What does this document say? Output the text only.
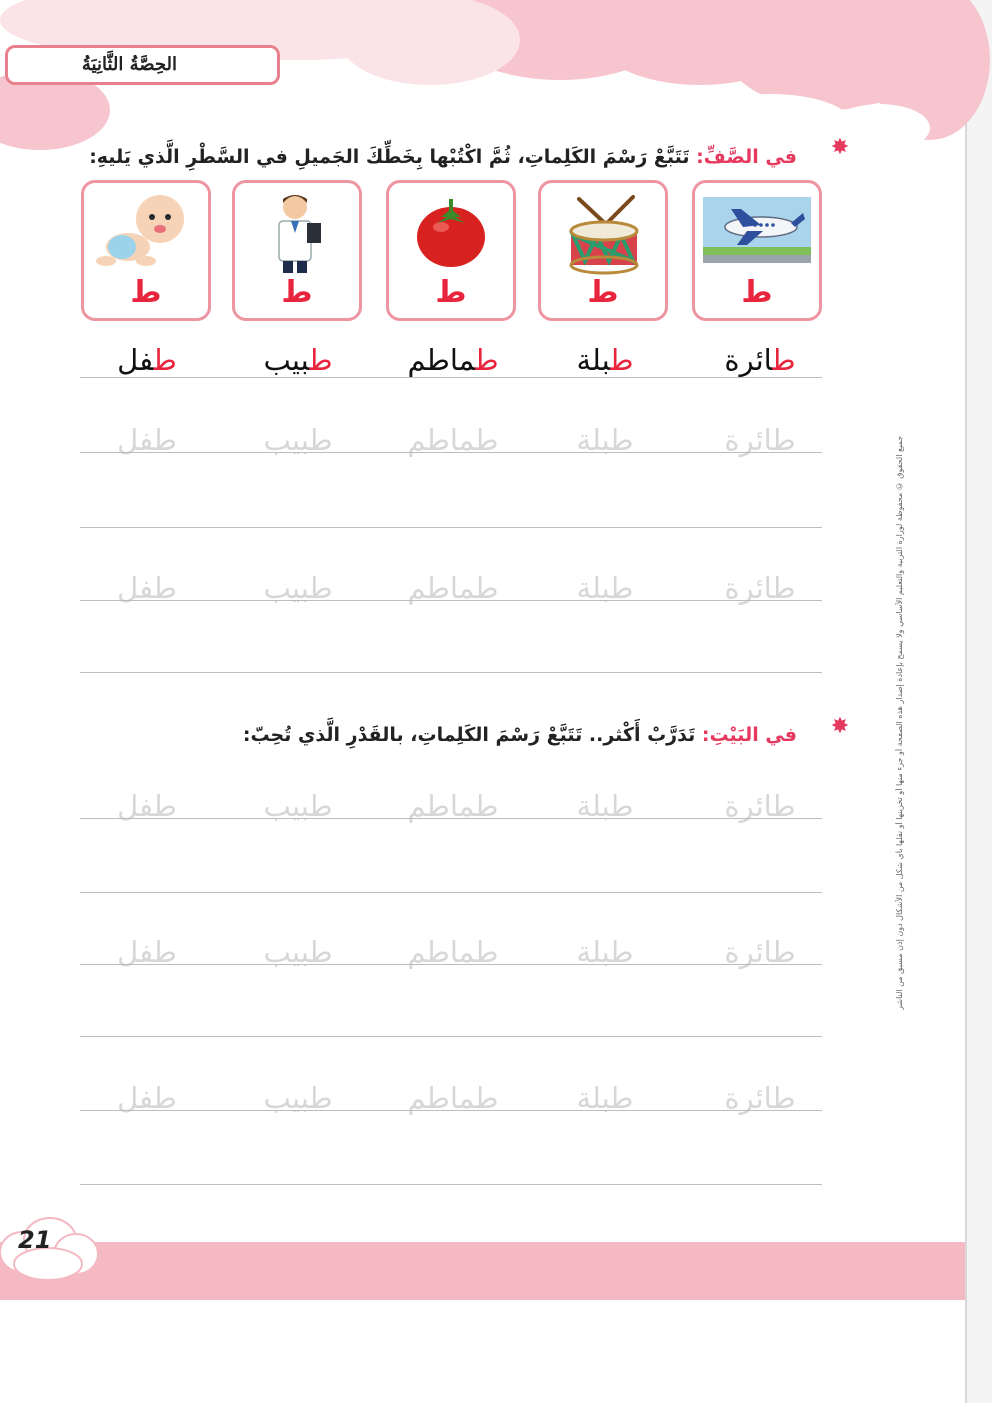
الحِصَّةُ الثَّانِيَةُ
✸
في الصَّفِّ: تَتَبَّعْ رَسْمَ الكَلِماتِ، ثُمَّ اكْتُبْها بِخَطِّكَ الجَميلِ في السَّطْرِ الَّذي يَليهِ:
ط
ط
ط
ط
ط
طائرة
طبلة
طماطم
طبيب
طفل
طائرة
طبلة
طماطم
طبيب
طفل
طائرة
طبلة
طماطم
طبيب
طفل
✸
في البَيْتِ: تَدَرَّبْ أَكْثر.. تَتَبَّعْ رَسْمَ الكَلِماتِ، بالقَدْرِ الَّذي تُحِبّ:
طائرة
طبلة
طماطم
طبيب
طفل
طائرة
طبلة
طماطم
طبيب
طفل
طائرة
طبلة
طماطم
طبيب
طفل
جميع الحقوق © محفوظة لوزارة التربية والتعليم الأساسي ولا يسمح بإعادة إصدار هذه الصفحة أو جزء منها أو تخزينها أو نقلها بأي شكل من الأشكال دون إذن مسبق من الناشر
21
